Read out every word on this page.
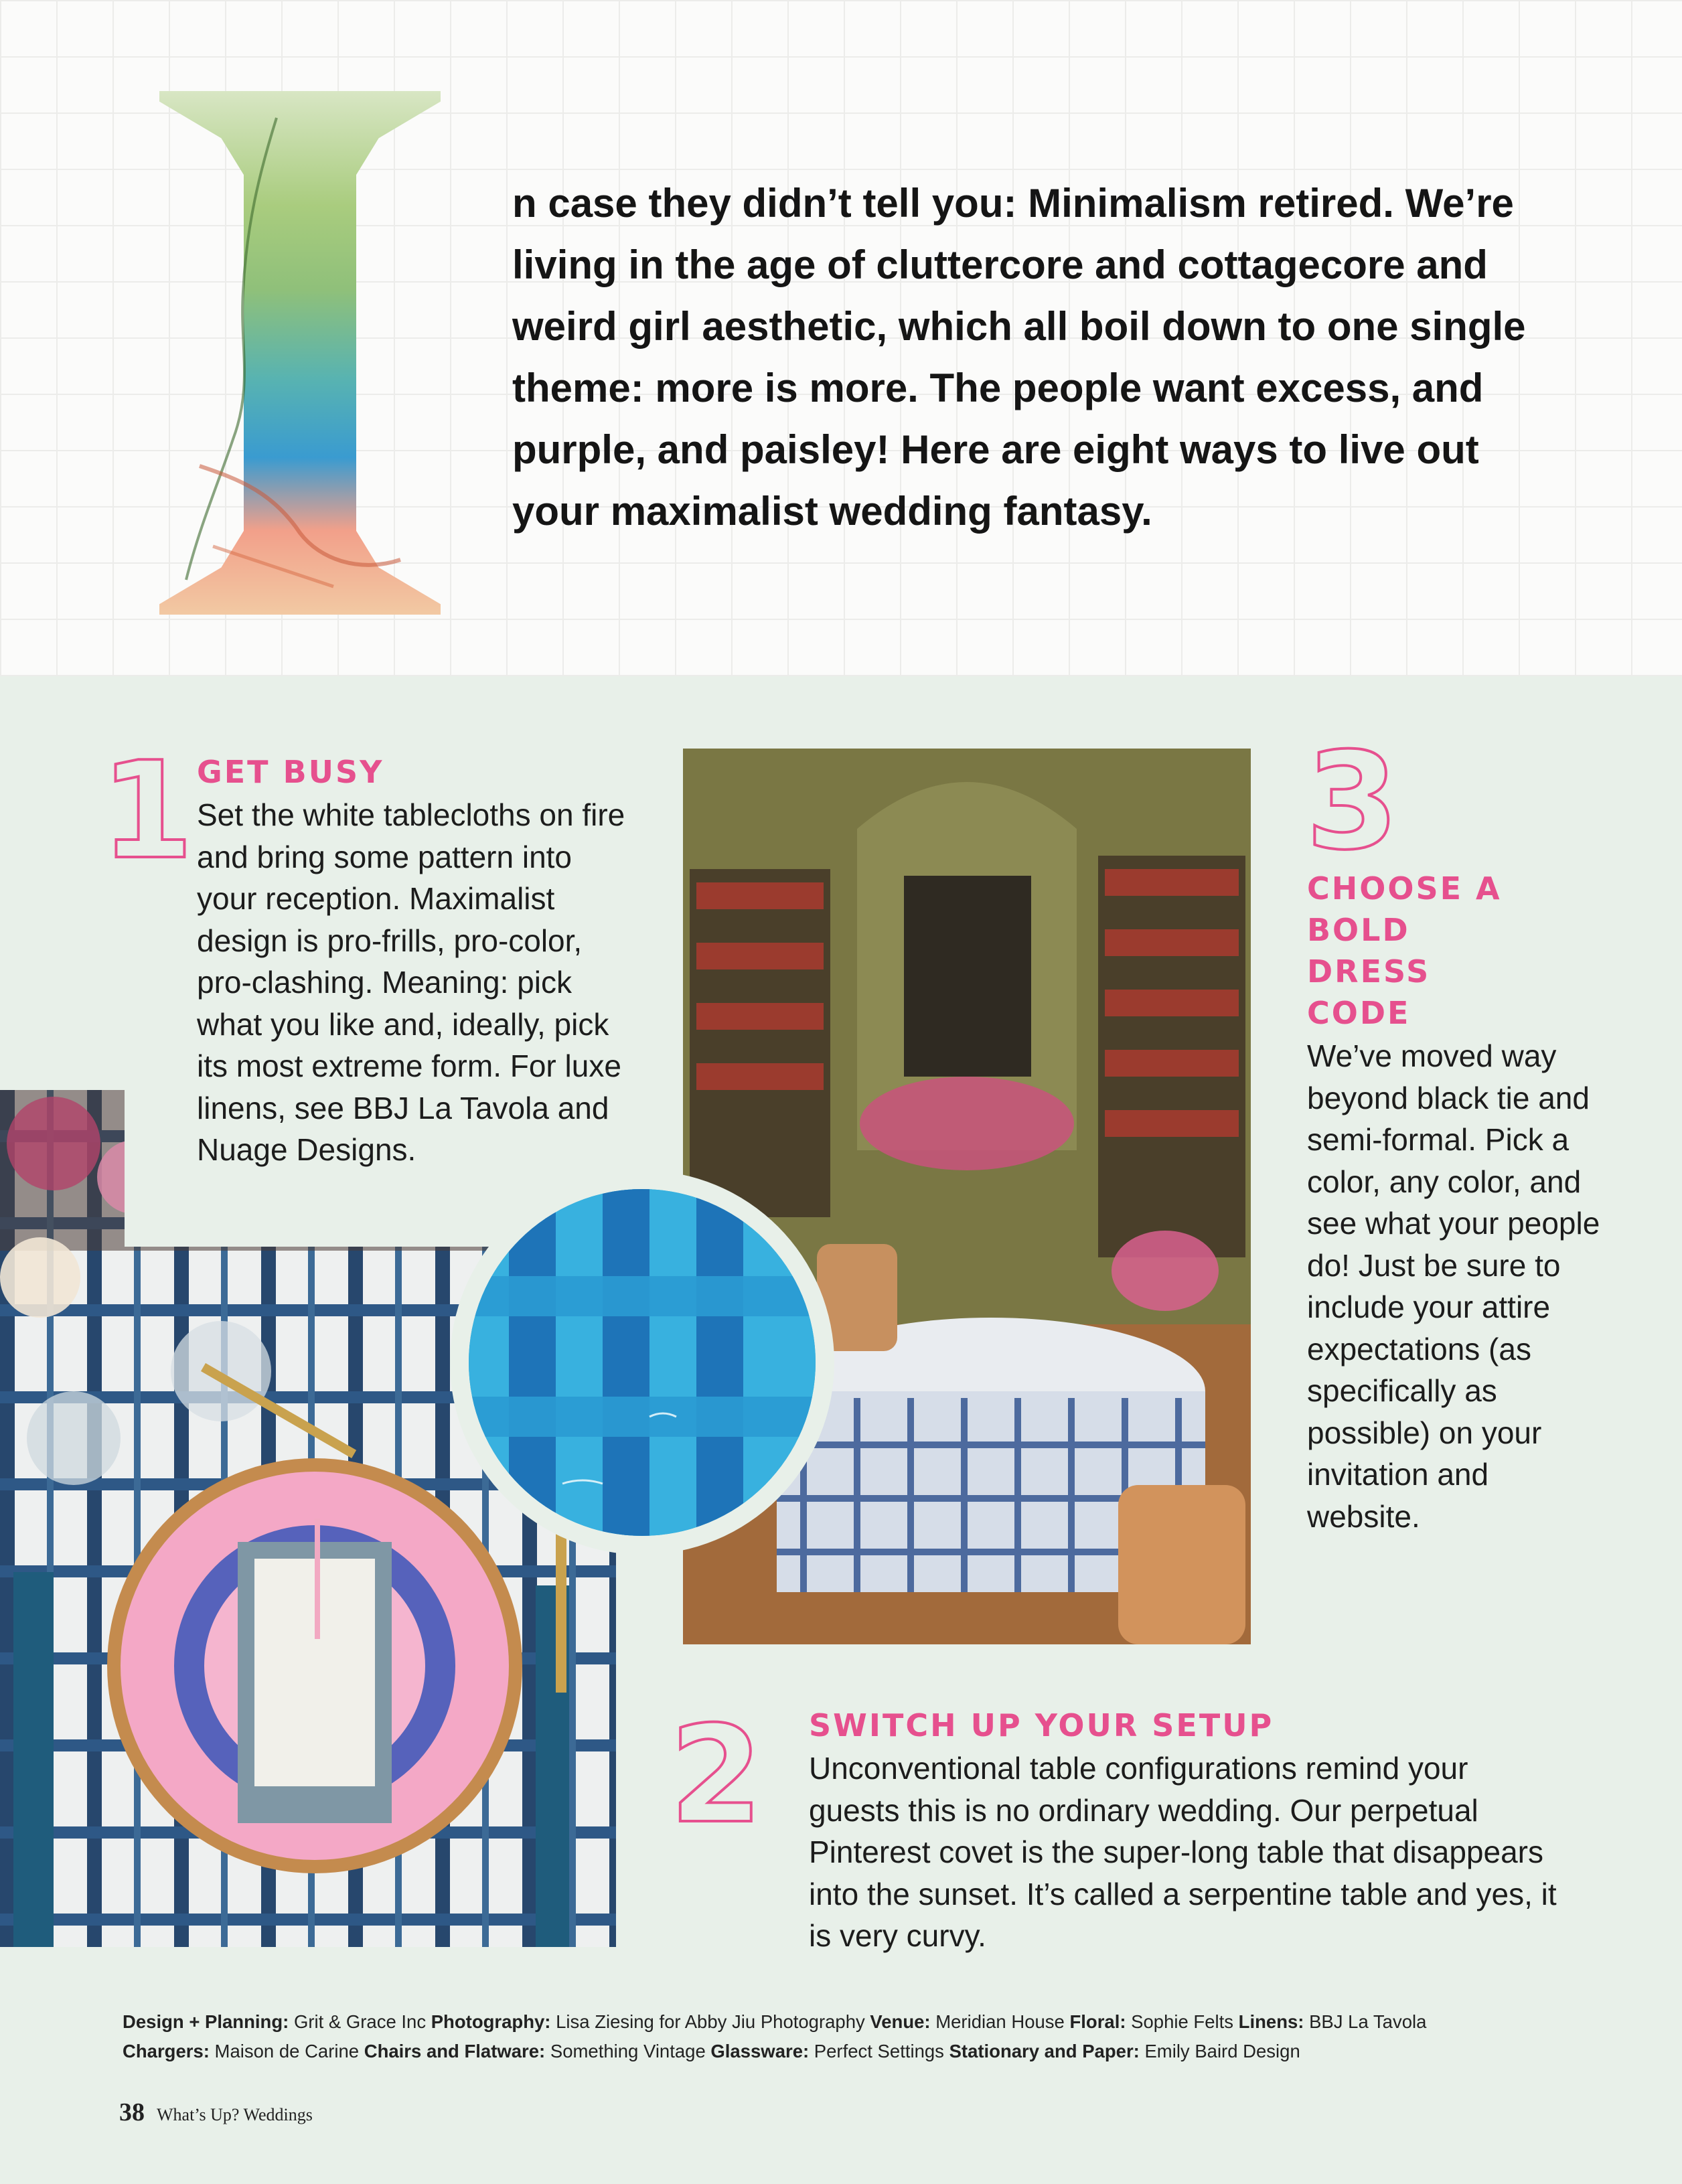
n case they didn’t tell you: Minimalism retired. We’re living in the age of cluttercore and cottagecore and weird girl aesthetic, which all boil down to one single theme: more is more. The people want excess, and purple, and paisley! Here are eight ways to live out your maximalist wedding fantasy.

1 GET BUSY

Set the white tablecloths on fire and bring some pattern into your reception. Maximalist design is pro-frills, pro-color, pro-clashing. Meaning: pick what you like and, ideally, pick its most extreme form. For luxe linens, see BBJ La Tavola and Nuage Designs.

3
CHOOSE A BOLD DRESS CODE

We’ve moved way beyond black tie and semi-formal. Pick a color, any color, and see what your people do! Just be sure to include your attire expectations (as specifically as possible) on your invitation and website.

2 SWITCH UP YOUR SETUP

Unconventional table configurations remind your guests this is no ordinary wedding. Our perpetual Pinterest covet is the super-long table that disappears into the sunset. It’s called a serpentine table and yes, it is very curvy.

Design + Planning: Grit & Grace Inc Photography: Lisa Ziesing for Abby Jiu Photography Venue: Meridian House Floral: Sophie Felts Linens: BBJ La Tavola
Chargers: Maison de Carine Chairs and Flatware: Something Vintage Glassware: Perfect Settings Stationary and Paper: Emily Baird Design
38 What’s Up? Weddings
